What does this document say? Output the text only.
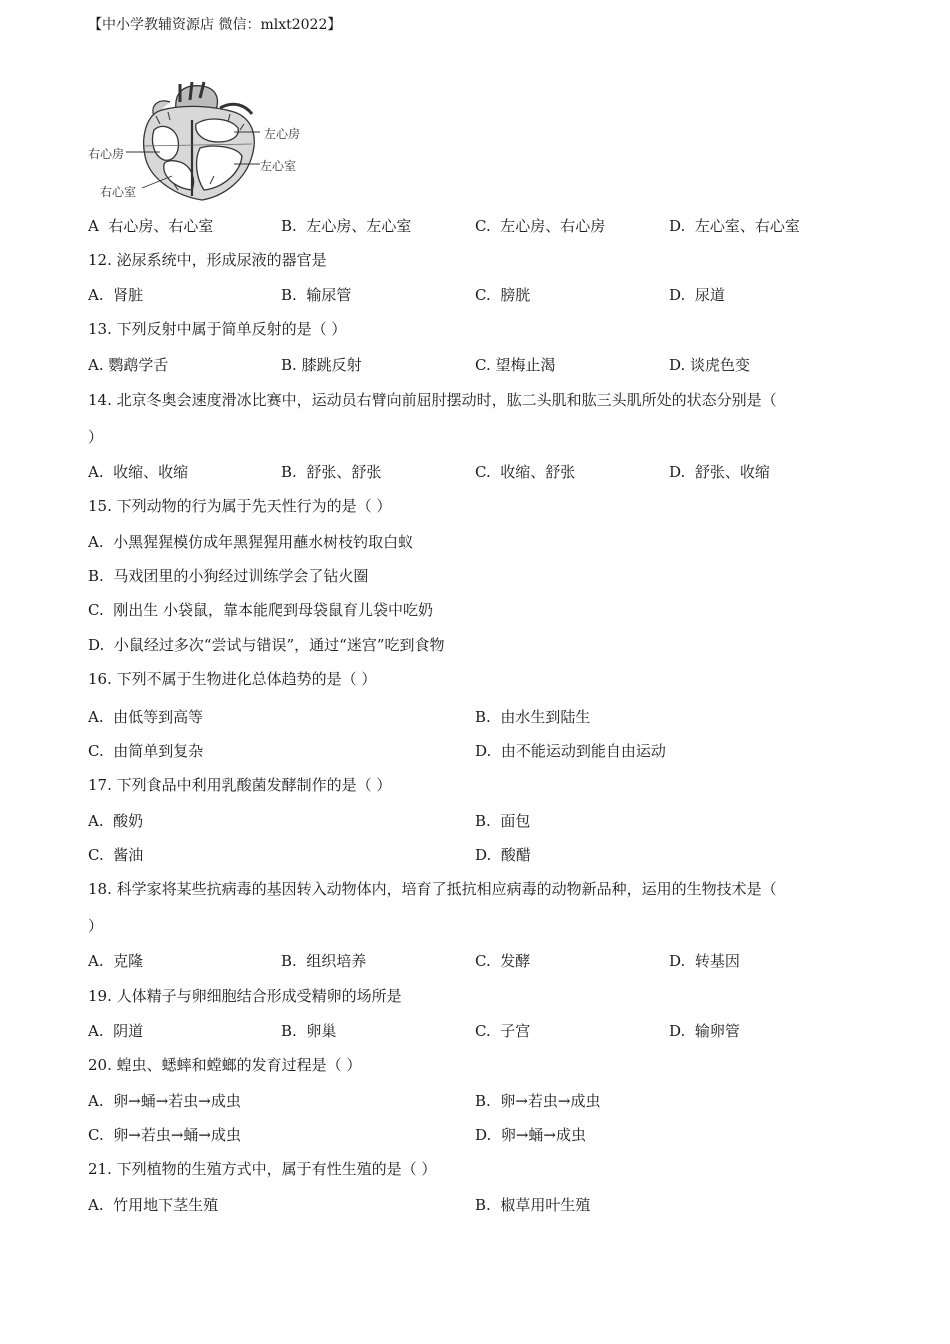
【中小学教辅资源店 微信：mlxt2022】
右心房
右心室
左心房
左心室
A 右心房、右心室	B. 左心房、左心室	C. 左心房、右心房	D. 左心室、右心室
12. 泌尿系统中，形成尿液的器官是
A. 肾脏	B. 输尿管	C. 膀胱	D. 尿道
13. 下列反射中属于简单反射的是（ ）
A. 鹦鹉学舌	B. 膝跳反射	C. 望梅止渴	D. 谈虎色变
14. 北京冬奥会速度滑冰比赛中，运动员右臂向前屈肘摆动时，肱二头肌和肱三头肌所处的状态分别是（
）
A. 收缩、收缩	B. 舒张、舒张	C. 收缩、舒张	D. 舒张、收缩
15. 下列动物的行为属于先天性行为的是（ ）
A. 小黑猩猩模仿成年黑猩猩用蘸水树枝钓取白蚁
B. 马戏团里的小狗经过训练学会了钻火圈
C. 刚出生 小袋鼠，靠本能爬到母袋鼠育儿袋中吃奶
D. 小鼠经过多次“尝试与错误”，通过“迷宫”吃到食物
16. 下列不属于生物进化总体趋势的是（ ）
A. 由低等到高等	B. 由水生到陆生
C. 由简单到复杂	D. 由不能运动到能自由运动
17. 下列食品中利用乳酸菌发酵制作的是（ ）
A. 酸奶	B. 面包
C. 酱油	D. 酸醋
18. 科学家将某些抗病毒的基因转入动物体内，培育了抵抗相应病毒的动物新品种，运用的生物技术是（
）
A. 克隆	B. 组织培养	C. 发酵	D. 转基因
19. 人体精子与卵细胞结合形成受精卵的场所是
A. 阴道	B. 卵巢	C. 子宫	D. 输卵管
20. 蝗虫、蟋蟀和螳螂的发育过程是（ ）
A. 卵→蛹→若虫→成虫	B. 卵→若虫→成虫
C. 卵→若虫→蛹→成虫	D. 卵→蛹→成虫
21. 下列植物的生殖方式中，属于有性生殖的是（ ）
A. 竹用地下茎生殖	B. 椒草用叶生殖
